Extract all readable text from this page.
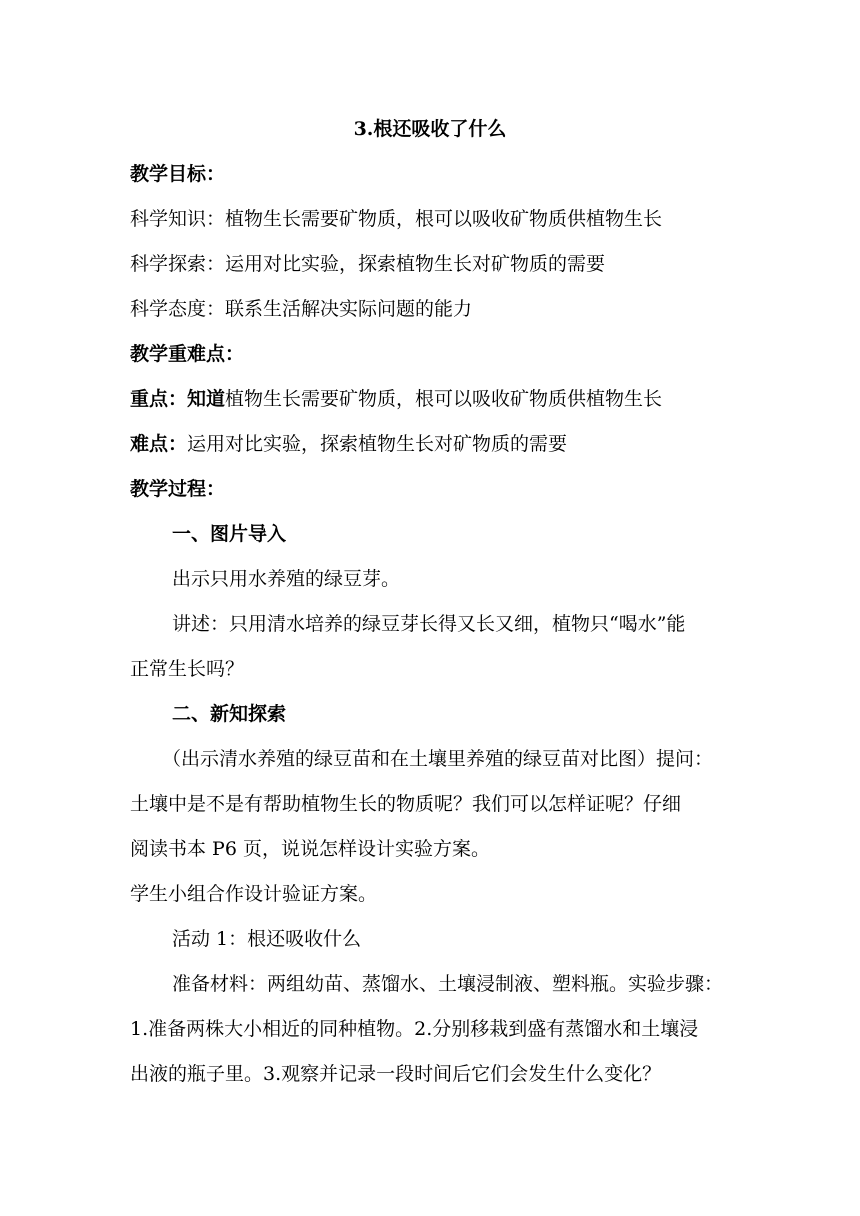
3.根还吸收了什么
教学目标：
科学知识：植物生长需要矿物质，根可以吸收矿物质供植物生长
科学探索：运用对比实验，探索植物生长对矿物质的需要
科学态度：联系生活解决实际问题的能力
教学重难点：
重点：知道植物生长需要矿物质，根可以吸收矿物质供植物生长
难点：运用对比实验，探索植物生长对矿物质的需要
教学过程：
一、图片导入
出示只用水养殖的绿豆芽。
讲述：只用清水培养的绿豆芽长得又长又细，植物只“喝水”能
正常生长吗？
二、新知探索
（出示清水养殖的绿豆苗和在土壤里养殖的绿豆苗对比图）提问：
土壤中是不是有帮助植物生长的物质呢？我们可以怎样证呢？仔细
阅读书本 P6 页，说说怎样设计实验方案。
学生小组合作设计验证方案。
活动 1：根还吸收什么
准备材料：两组幼苗、蒸馏水、土壤浸制液、塑料瓶。实验步骤：
1.准备两株大小相近的同种植物。2.分别移栽到盛有蒸馏水和土壤浸
出液的瓶子里。3.观察并记录一段时间后它们会发生什么变化？
